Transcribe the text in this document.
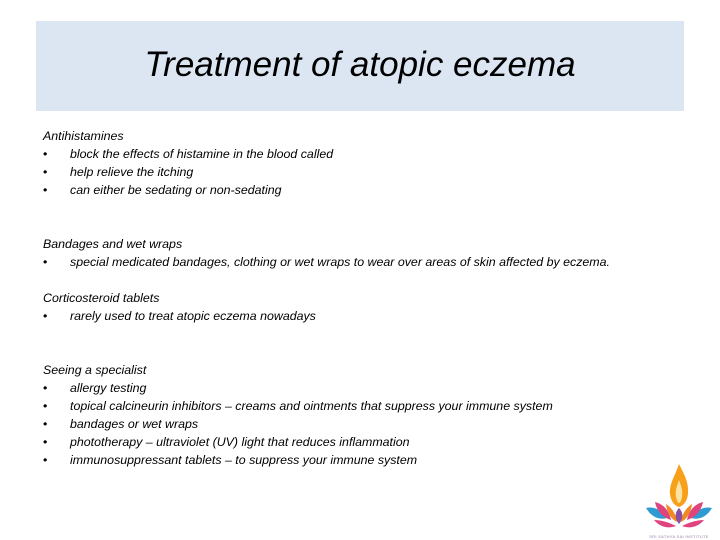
Treatment of atopic eczema
Antihistamines
• block the effects of histamine in the blood called
• help relieve the itching
• can either be sedating or non-sedating
Bandages and wet wraps
• special medicated bandages, clothing or wet wraps to wear over areas of skin affected by eczema.
Corticosteroid tablets
• rarely used to treat atopic eczema nowadays
Seeing a specialist
• allergy testing
• topical calcineurin inhibitors – creams and ointments that suppress your immune system
• bandages or wet wraps
• phototherapy – ultraviolet (UV) light that reduces inflammation
• immunosuppressant tablets – to suppress your immune system
SRI SATHYA SAI INSTITUTE
